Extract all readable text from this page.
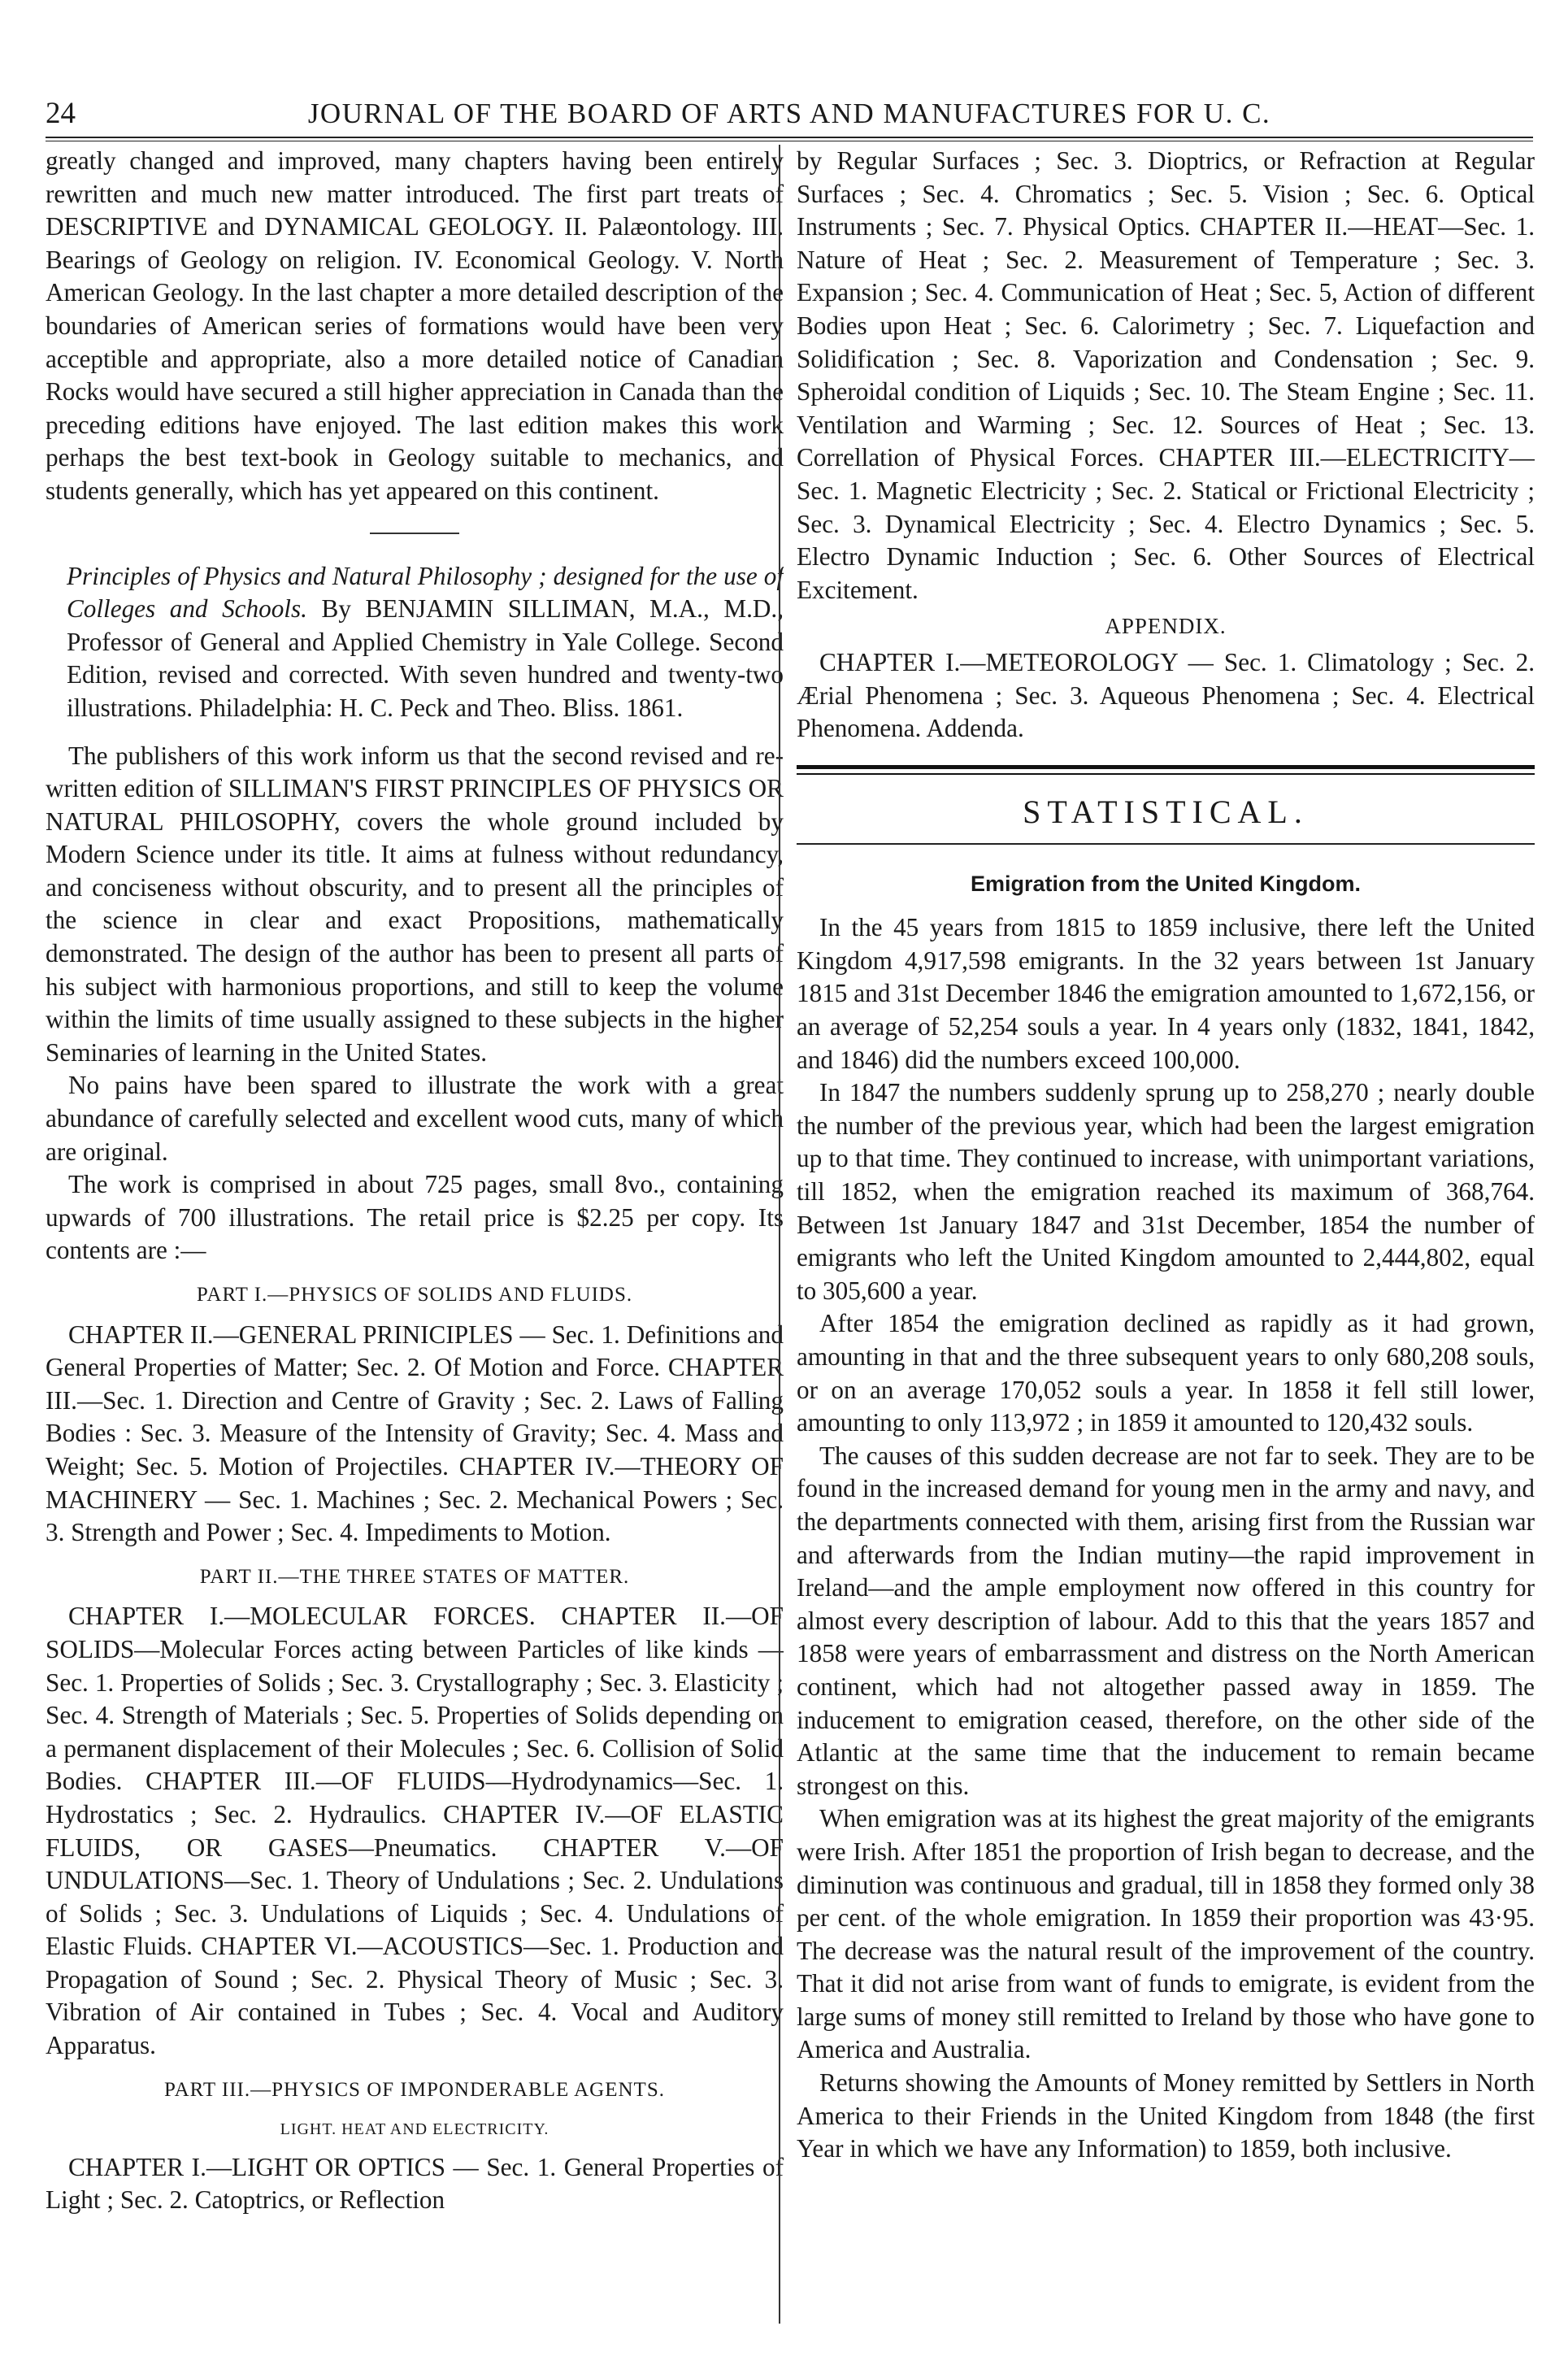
24	JOURNAL OF THE BOARD OF ARTS AND MANUFACTURES FOR U. C.

greatly changed and improved, many chapters having been entirely rewritten and much new matter introduced. The first part treats of DESCRIPTIVE and DYNAMICAL GEOLOGY. II. Palæontology. III. Bearings of Geology on religion. IV. Economical Geology. V. North American Geology. In the last chapter a more detailed description of the boundaries of American series of formations would have been very acceptible and appropriate, also a more detailed notice of Canadian Rocks would have secured a still higher appreciation in Canada than the preceding editions have enjoyed. The last edition makes this work perhaps the best text-book in Geology suitable to mechanics, and students generally, which has yet appeared on this continent.

Principles of Physics and Natural Philosophy ; designed for the use of Colleges and Schools. By BENJAMIN SILLIMAN, M.A., M.D., Professor of General and Applied Chemistry in Yale College. Second Edition, revised and corrected. With seven hundred and twenty-two illustrations. Philadelphia: H. C. Peck and Theo. Bliss. 1861.

The publishers of this work inform us that the second revised and re-written edition of SILLIMAN'S FIRST PRINCIPLES OF PHYSICS OR NATURAL PHILOSOPHY, covers the whole ground included by Modern Science under its title. It aims at fulness without redundancy, and conciseness without obscurity, and to present all the principles of the science in clear and exact Propositions, mathematically demonstrated. The design of the author has been to present all parts of his subject with harmonious proportions, and still to keep the volume within the limits of time usually assigned to these subjects in the higher Seminaries of learning in the United States.

No pains have been spared to illustrate the work with a great abundance of carefully selected and excellent wood cuts, many of which are original.

The work is comprised in about 725 pages, small 8vo., containing upwards of 700 illustrations. The retail price is $2.25 per copy. Its contents are :—

PART I.—PHYSICS OF SOLIDS AND FLUIDS.

CHAPTER II.—GENERAL PRINICIPLES — Sec. 1. Definitions and General Properties of Matter; Sec. 2. Of Motion and Force. CHAPTER III.—Sec. 1. Direction and Centre of Gravity ; Sec. 2. Laws of Falling Bodies : Sec. 3. Measure of the Intensity of Gravity; Sec. 4. Mass and Weight; Sec. 5. Motion of Projectiles. CHAPTER IV.—THEORY OF MACHINERY — Sec. 1. Machines ; Sec. 2. Mechanical Powers ; Sec. 3. Strength and Power ; Sec. 4. Impediments to Motion.

PART II.—THE THREE STATES OF MATTER.

CHAPTER I.—MOLECULAR FORCES. CHAPTER II.—OF SOLIDS—Molecular Forces acting between Particles of like kinds —Sec. 1. Properties of Solids ; Sec. 3. Crystallography ; Sec. 3. Elasticity ; Sec. 4. Strength of Materials ; Sec. 5. Properties of Solids depending on a permanent displacement of their Molecules ; Sec. 6. Collision of Solid Bodies. CHAPTER III.—OF FLUIDS—Hydrodynamics—Sec. 1. Hydrostatics ; Sec. 2. Hydraulics. CHAPTER IV.—OF ELASTIC FLUIDS, OR GASES—Pneumatics. CHAPTER V.—OF UNDULATIONS—Sec. 1. Theory of Undulations ; Sec. 2. Undulations of Solids ; Sec. 3. Undulations of Liquids ; Sec. 4. Undulations of Elastic Fluids. CHAPTER VI.—ACOUSTICS—Sec. 1. Production and Propagation of Sound ; Sec. 2. Physical Theory of Music ; Sec. 3. Vibration of Air contained in Tubes ; Sec. 4. Vocal and Auditory Apparatus.

PART III.—PHYSICS OF IMPONDERABLE AGENTS.
LIGHT. HEAT AND ELECTRICITY.

CHAPTER I.—LIGHT OR OPTICS — Sec. 1. General Properties of Light ; Sec. 2. Catoptrics, or Reflection

by Regular Surfaces ; Sec. 3. Dioptrics, or Refraction at Regular Surfaces ; Sec. 4. Chromatics ; Sec. 5. Vision ; Sec. 6. Optical Instruments ; Sec. 7. Physical Optics. CHAPTER II.—HEAT—Sec. 1. Nature of Heat ; Sec. 2. Measurement of Temperature ; Sec. 3. Expansion ; Sec. 4. Communication of Heat ; Sec. 5, Action of different Bodies upon Heat ; Sec. 6. Calorimetry ; Sec. 7. Liquefaction and Solidification ; Sec. 8. Vaporization and Condensation ; Sec. 9. Spheroidal condition of Liquids ; Sec. 10. The Steam Engine ; Sec. 11. Ventilation and Warming ; Sec. 12. Sources of Heat ; Sec. 13. Correllation of Physical Forces. CHAPTER III.—ELECTRICITY—Sec. 1. Magnetic Electricity ; Sec. 2. Statical or Frictional Electricity ; Sec. 3. Dynamical Electricity ; Sec. 4. Electro Dynamics ; Sec. 5. Electro Dynamic Induction ; Sec. 6. Other Sources of Electrical Excitement.

APPENDIX.

CHAPTER I.—METEOROLOGY — Sec. 1. Climatology ; Sec. 2. Ærial Phenomena ; Sec. 3. Aqueous Phenomena ; Sec. 4. Electrical Phenomena. Addenda.

STATISTICAL.
Emigration from the United Kingdom.

In the 45 years from 1815 to 1859 inclusive, there left the United Kingdom 4,917,598 emigrants. In the 32 years between 1st January 1815 and 31st December 1846 the emigration amounted to 1,672,156, or an average of 52,254 souls a year. In 4 years only (1832, 1841, 1842, and 1846) did the numbers exceed 100,000.

In 1847 the numbers suddenly sprung up to 258,270 ; nearly double the number of the previous year, which had been the largest emigration up to that time. They continued to increase, with unimportant variations, till 1852, when the emigration reached its maximum of 368,764. Between 1st January 1847 and 31st December, 1854 the number of emigrants who left the United Kingdom amounted to 2,444,802, equal to 305,600 a year.

After 1854 the emigration declined as rapidly as it had grown, amounting in that and the three subsequent years to only 680,208 souls, or on an average 170,052 souls a year. In 1858 it fell still lower, amounting to only 113,972 ; in 1859 it amounted to 120,432 souls.

The causes of this sudden decrease are not far to seek. They are to be found in the increased demand for young men in the army and navy, and the departments connected with them, arising first from the Russian war and afterwards from the Indian mutiny—the rapid improvement in Ireland—and the ample employment now offered in this country for almost every description of labour. Add to this that the years 1857 and 1858 were years of embarrassment and distress on the North American continent, which had not altogether passed away in 1859. The inducement to emigration ceased, therefore, on the other side of the Atlantic at the same time that the inducement to remain became strongest on this.

When emigration was at its highest the great majority of the emigrants were Irish. After 1851 the proportion of Irish began to decrease, and the diminution was continuous and gradual, till in 1858 they formed only 38 per cent. of the whole emigration. In 1859 their proportion was 43·95. The decrease was the natural result of the improvement of the country. That it did not arise from want of funds to emigrate, is evident from the large sums of money still remitted to Ireland by those who have gone to America and Australia.

Returns showing the Amounts of Money remitted by Settlers in North America to their Friends in the United Kingdom from 1848 (the first Year in which we have any Information) to 1859, both inclusive.
